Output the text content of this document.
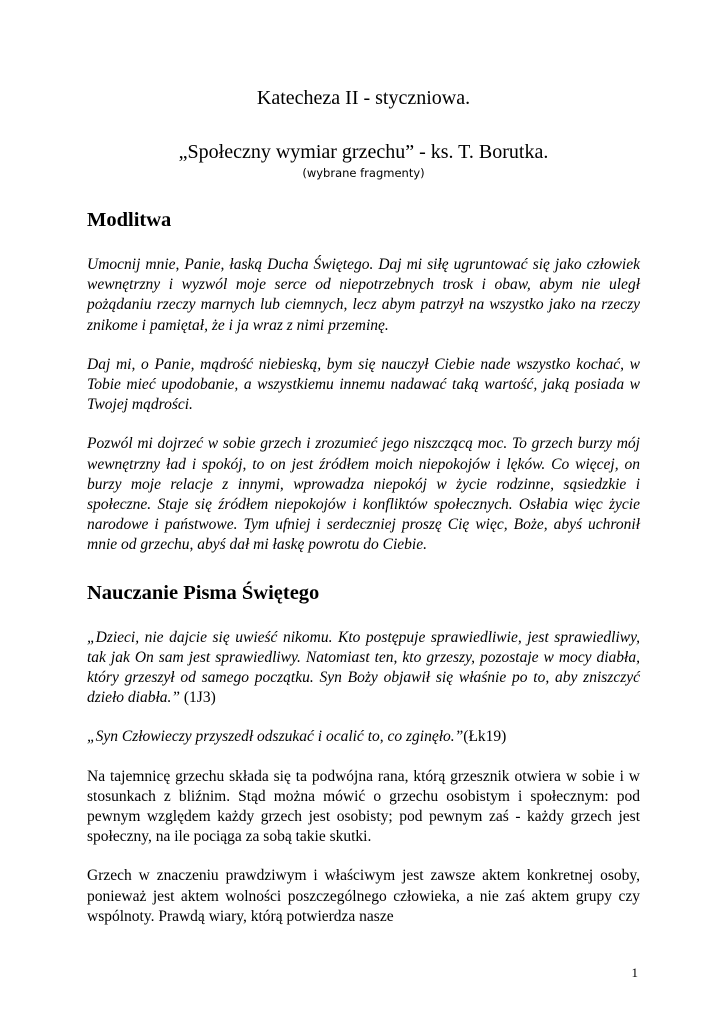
Katecheza II - styczniowa.

„Społeczny wymiar grzechu” - ks. T. Borutka.

(wybrane fragmenty)

Modlitwa

Umocnij mnie, Panie, łaską Ducha Świętego. Daj mi siłę ugruntować się jako człowiek wewnętrzny i wyzwól moje serce od niepotrzebnych trosk i obaw, abym nie uległ pożądaniu rzeczy marnych lub ciemnych, lecz abym patrzył na wszystko jako na rzeczy znikome i pamiętał, że i ja wraz z nimi przeminę.

Daj mi, o Panie, mądrość niebieską, bym się nauczył Ciebie nade wszystko kochać, w Tobie mieć upodobanie, a wszystkiemu innemu nadawać taką wartość, jaką posiada w Twojej mądrości.

Pozwól mi dojrzeć w sobie grzech i zrozumieć jego niszczącą moc. To grzech burzy mój wewnętrzny ład i spokój, to on jest źródłem moich niepokojów i lęków. Co więcej, on burzy moje relacje z innymi, wprowadza niepokój w życie rodzinne, sąsiedzkie i społeczne. Staje się źródłem niepokojów i konfliktów społecznych. Osłabia więc życie narodowe i państwowe. Tym ufniej i serdeczniej proszę Cię więc, Boże, abyś uchronił mnie od grzechu, abyś dał mi łaskę powrotu do Ciebie.

Nauczanie Pisma Świętego

„Dzieci, nie dajcie się uwieść nikomu. Kto postępuje sprawiedliwie, jest sprawiedliwy, tak jak On sam jest sprawiedliwy. Natomiast ten, kto grzeszy, pozostaje w mocy diabła, który grzeszył od samego początku. Syn Boży objawił się właśnie po to, aby zniszczyć dzieło diabła.” (1J3)

„Syn Człowieczy przyszedł odszukać i ocalić to, co zginęło.”(Łk19)

Na tajemnicę grzechu składa się ta podwójna rana, którą grzesznik otwiera w sobie i w stosunkach z bliźnim. Stąd można mówić o grzechu osobistym i społecznym: pod pewnym względem każdy grzech jest osobisty; pod pewnym zaś - każdy grzech jest społeczny, na ile pociąga za sobą takie skutki.

Grzech w znaczeniu prawdziwym i właściwym jest zawsze aktem konkretnej osoby, ponieważ jest aktem wolności poszczególnego człowieka, a nie zaś aktem grupy czy wspólnoty. Prawdą wiary, którą potwierdza nasze

1
